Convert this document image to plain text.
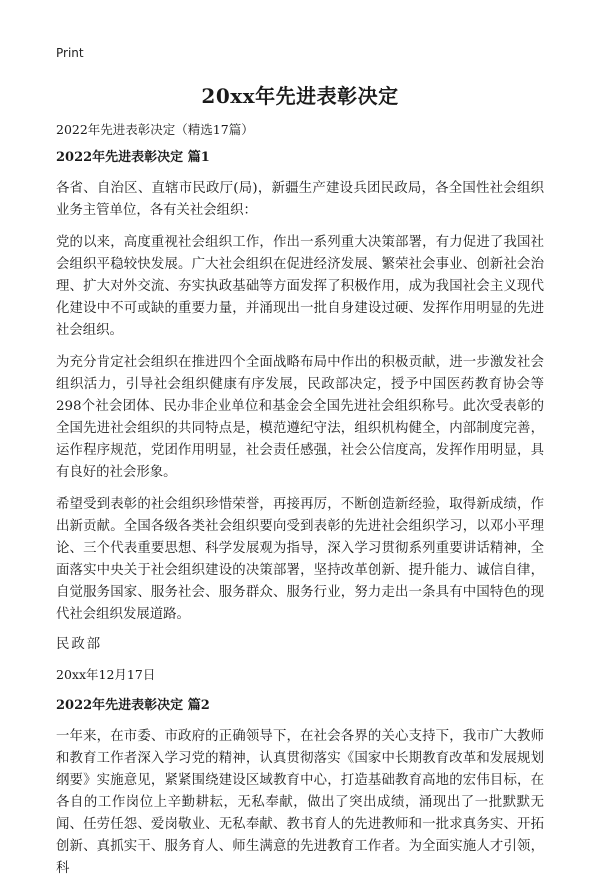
Print
20xx年先进表彰决定
2022年先进表彰决定（精选17篇）
2022年先进表彰决定 篇1

各省、自治区、直辖市民政厅(局)，新疆生产建设兵团民政局，各全国性社会组织业务主管单位，各有关社会组织：

党的以来，高度重视社会组织工作，作出一系列重大决策部署，有力促进了我国社会组织平稳较快发展。广大社会组织在促进经济发展、繁荣社会事业、创新社会治理、扩大对外交流、夯实执政基础等方面发挥了积极作用，成为我国社会主义现代化建设中不可或缺的重要力量，并涌现出一批自身建设过硬、发挥作用明显的先进社会组织。

为充分肯定社会组织在推进四个全面战略布局中作出的积极贡献，进一步激发社会组织活力，引导社会组织健康有序发展，民政部决定，授予中国医药教育协会等298个社会团体、民办非企业单位和基金会全国先进社会组织称号。此次受表彰的全国先进社会组织的共同特点是，模范遵纪守法，组织机构健全，内部制度完善，运作程序规范，党团作用明显，社会责任感强，社会公信度高，发挥作用明显，具有良好的社会形象。

希望受到表彰的社会组织珍惜荣誉，再接再厉，不断创造新经验，取得新成绩，作出新贡献。全国各级各类社会组织要向受到表彰的先进社会组织学习，以邓小平理论、三个代表重要思想、科学发展观为指导，深入学习贯彻系列重要讲话精神，全面落实中央关于社会组织建设的决策部署，坚持改革创新、提升能力、诚信自律，自觉服务国家、服务社会、服务群众、服务行业，努力走出一条具有中国特色的现代社会组织发展道路。

民政部
20xx年12月17日
2022年先进表彰决定 篇2

一年来，在市委、市政府的正确领导下，在社会各界的关心支持下，我市广大教师和教育工作者深入学习党的精神，认真贯彻落实《国家中长期教育改革和发展规划纲要》实施意见，紧紧围绕建设区域教育中心，打造基础教育高地的宏伟目标，在各自的工作岗位上辛勤耕耘，无私奉献，做出了突出成绩，涌现出了一批默默无闻、任劳任怨、爱岗敬业、无私奉献、教书育人的先进教师和一批求真务实、开拓创新、真抓实干、服务育人、师生满意的先进教育工作者。为全面实施人才引领，科
